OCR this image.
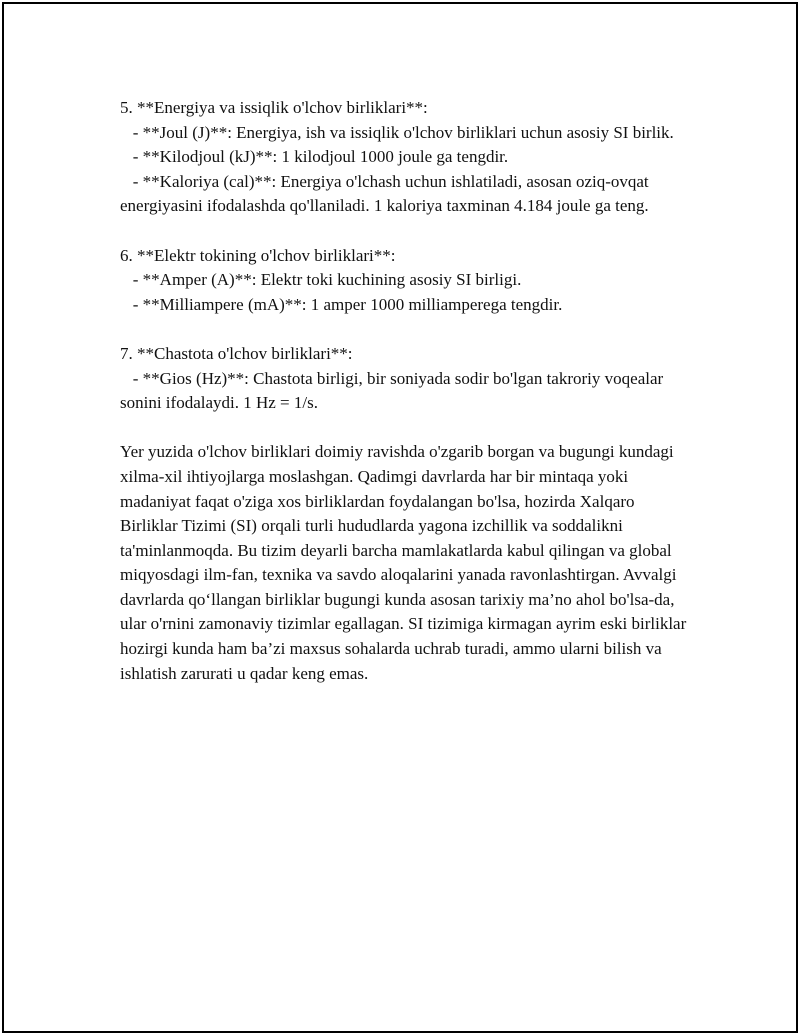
5. **Energiya va issiqlik o'lchov birliklari**:
- **Joul (J)**: Energiya, ish va issiqlik o'lchov birliklari uchun asosiy SI birlik.
- **Kilodjoul (kJ)**: 1 kilodjoul 1000 joule ga tengdir.
- **Kaloriya (cal)**: Energiya o'lchash uchun ishlatiladi, asosan oziq-ovqat energiyasini ifodalashda qo'llaniladi. 1 kaloriya taxminan 4.184 joule ga teng.
6. **Elektr tokining o'lchov birliklari**:
- **Amper (A)**: Elektr toki kuchining asosiy SI birligi.
- **Milliampere (mA)**: 1 amper 1000 milliamperega tengdir.
7. **Chastota o'lchov birliklari**:
- **Gios (Hz)**: Chastota birligi, bir soniyada sodir bo'lgan takroriy voqealar sonini ifodalaydi. 1 Hz = 1/s.

Yer yuzida o'lchov birliklari doimiy ravishda o'zgarib borgan va bugungi kundagi xilma-xil ihtiyojlarga moslashgan. Qadimgi davrlarda har bir mintaqa yoki madaniyat faqat o'ziga xos birliklardan foydalangan bo'lsa, hozirda Xalqaro Birliklar Tizimi (SI) orqali turli hududlarda yagona izchillik va soddalikni ta'minlanmoqda. Bu tizim deyarli barcha mamlakatlarda kabul qilingan va global miqyosdagi ilm-fan, texnika va savdo aloqalarini yanada ravonlashtirgan. Avvalgi davrlarda qo‘llangan birliklar bugungi kunda asosan tarixiy ma’no ahol bo'lsa-da, ular o'rnini zamonaviy tizimlar egallagan. SI tizimiga kirmagan ayrim eski birliklar hozirgi kunda ham ba’zi maxsus sohalarda uchrab turadi, ammo ularni bilish va ishlatish zarurati u qadar keng emas.
